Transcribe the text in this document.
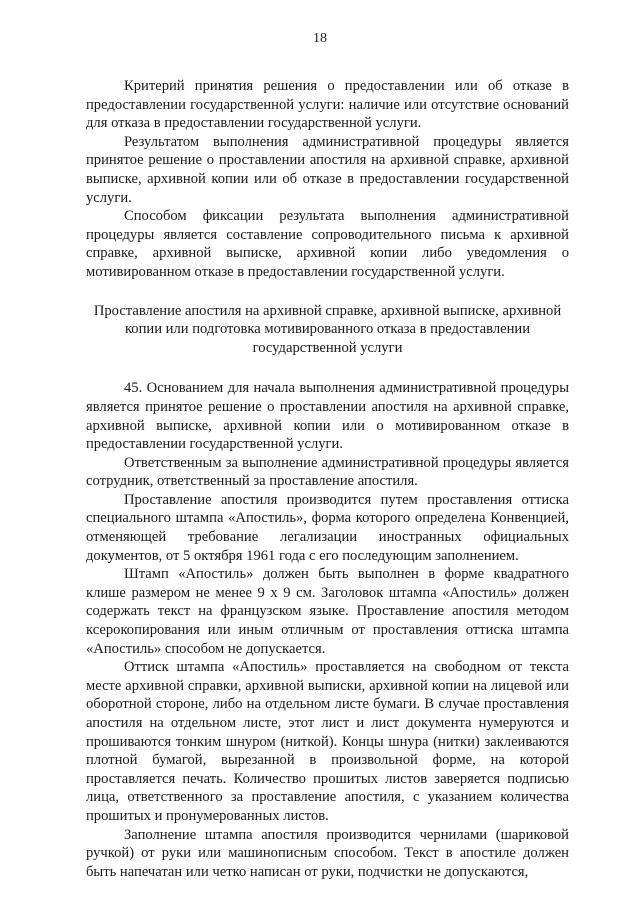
18

Критерий принятия решения о предоставлении или об отказе в предоставлении государственной услуги: наличие или отсутствие оснований для отказа в предоставлении государственной услуги.

Результатом выполнения административной процедуры является принятое решение о проставлении апостиля на архивной справке, архивной выписке, архивной копии или об отказе в предоставлении государственной услуги.

Способом фиксации результата выполнения административной процедуры является составление сопроводительного письма к архивной справке, архивной выписке, архивной копии либо уведомления о мотивированном отказе в предоставлении государственной услуги.

Проставление апостиля на архивной справке, архивной выписке, архивной копии или подготовка мотивированного отказа в предоставлении государственной услуги

45. Основанием для начала выполнения административной процедуры является принятое решение о проставлении апостиля на архивной справке, архивной выписке, архивной копии или о мотивированном отказе в предоставлении государственной услуги.

Ответственным за выполнение административной процедуры является сотрудник, ответственный за проставление апостиля.

Проставление апостиля производится путем проставления оттиска специального штампа «Апостиль», форма которого определена Конвенцией, отменяющей требование легализации иностранных официальных документов, от 5 октября 1961 года с его последующим заполнением.

Штамп «Апостиль» должен быть выполнен в форме квадратного клише размером не менее 9 x 9 см. Заголовок штампа «Апостиль» должен содержать текст на французском языке. Проставление апостиля методом ксерокопирования или иным отличным от проставления оттиска штампа «Апостиль» способом не допускается.

Оттиск штампа «Апостиль» проставляется на свободном от текста месте архивной справки, архивной выписки, архивной копии на лицевой или оборотной стороне, либо на отдельном листе бумаги. В случае проставления апостиля на отдельном листе, этот лист и лист документа нумеруются и прошиваются тонким шнуром (ниткой). Концы шнура (нитки) заклеиваются плотной бумагой, вырезанной в произвольной форме, на которой проставляется печать. Количество прошитых листов заверяется подписью лица, ответственного за проставление апостиля, с указанием количества прошитых и пронумерованных листов.

Заполнение штампа апостиля производится чернилами (шариковой ручкой) от руки или машинописным способом. Текст в апостиле должен быть напечатан или четко написан от руки, подчистки не допускаются,
